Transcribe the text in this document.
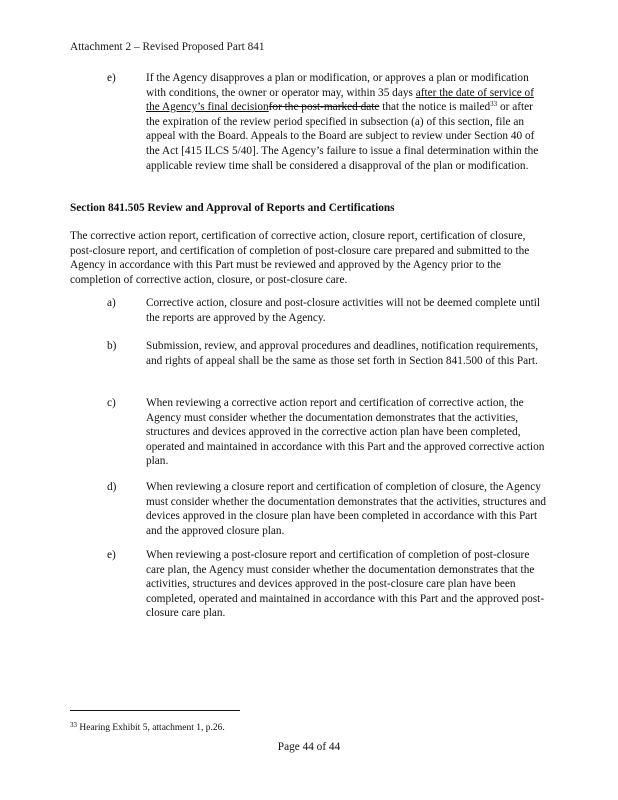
Attachment 2 – Revised Proposed Part 841
e)	If the Agency disapproves a plan or modification, or approves a plan or modification with conditions, the owner or operator may, within 35 days after the date of service of the Agency’s final decisionfor the post-marked date that the notice is mailed$^{33}$ or after the expiration of the review period specified in subsection (a) of this section, file an appeal with the Board. Appeals to the Board are subject to review under Section 40 of the Act [415 ILCS 5/40]. The Agency’s failure to issue a final determination within the applicable review time shall be considered a disapproval of the plan or modification.
Section 841.505 Review and Approval of Reports and Certifications
The corrective action report, certification of corrective action, closure report, certification of closure, post-closure report, and certification of completion of post-closure care prepared and submitted to the Agency in accordance with this Part must be reviewed and approved by the Agency prior to the completion of corrective action, closure, or post-closure care.
a)	Corrective action, closure and post-closure activities will not be deemed complete until the reports are approved by the Agency.
b)	Submission, review, and approval procedures and deadlines, notification requirements, and rights of appeal shall be the same as those set forth in Section 841.500 of this Part.
c)	When reviewing a corrective action report and certification of corrective action, the Agency must consider whether the documentation demonstrates that the activities, structures and devices approved in the corrective action plan have been completed, operated and maintained in accordance with this Part and the approved corrective action plan.
d)	When reviewing a closure report and certification of completion of closure, the Agency must consider whether the documentation demonstrates that the activities, structures and devices approved in the closure plan have been completed in accordance with this Part and the approved closure plan.
e)	When reviewing a post-closure report and certification of completion of post-closure care plan, the Agency must consider whether the documentation demonstrates that the activities, structures and devices approved in the post-closure care plan have been completed, operated and maintained in accordance with this Part and the approved post-closure care plan.
$^{33}$ Hearing Exhibit 5, attachment 1, p.26.
Page 44 of 44
